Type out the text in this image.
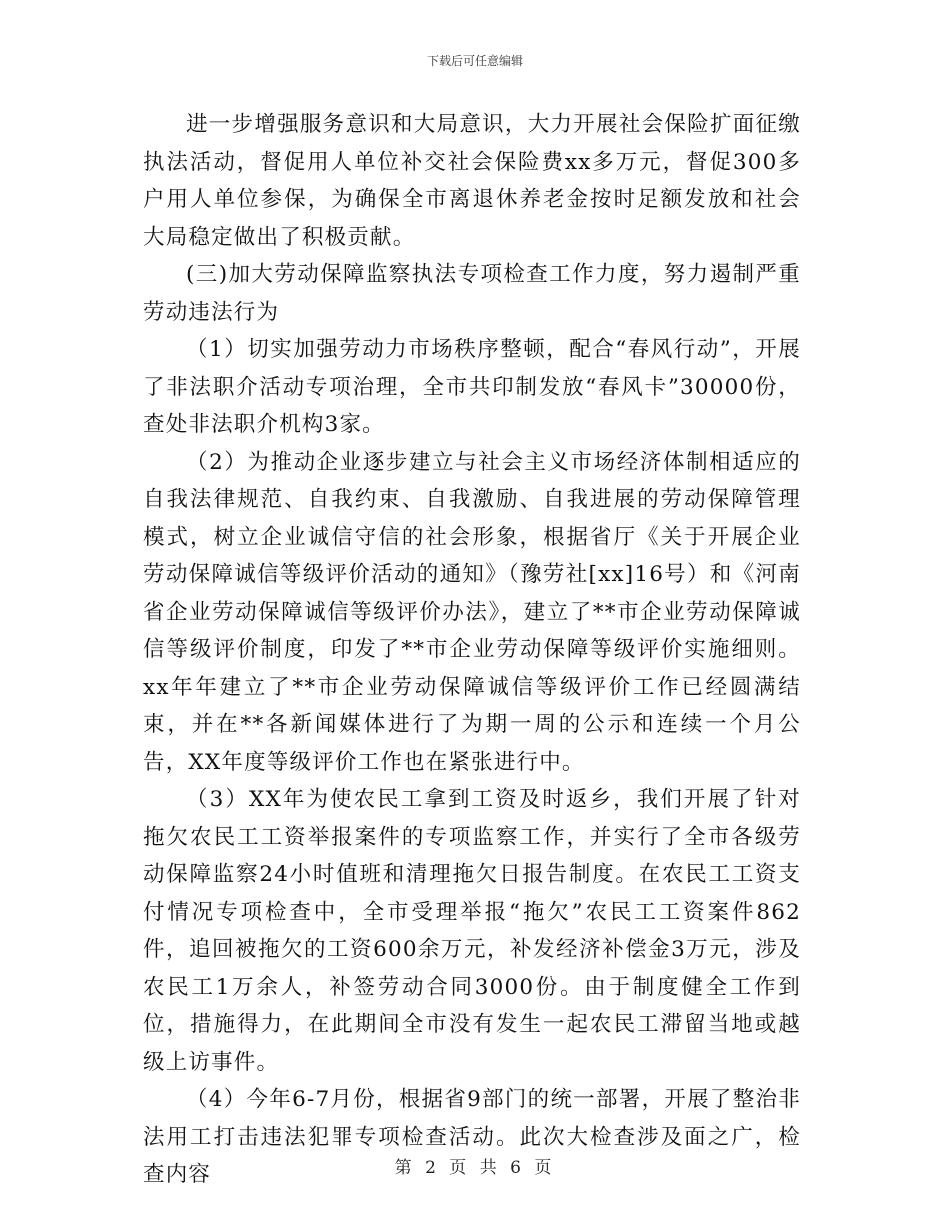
下载后可任意编辑

进一步增强服务意识和大局意识，大力开展社会保险扩面征缴执法活动，督促用人单位补交社会保险费xx多万元，督促300多户用人单位参保，为确保全市离退休养老金按时足额发放和社会大局稳定做出了积极贡献。

(三)加大劳动保障监察执法专项检查工作力度，努力遏制严重劳动违法行为

（1）切实加强劳动力市场秩序整顿，配合“春风行动”，开展了非法职介活动专项治理，全市共印制发放“春风卡”30000份，查处非法职介机构3家。

（2）为推动企业逐步建立与社会主义市场经济体制相适应的自我法律规范、自我约束、自我激励、自我进展的劳动保障管理模式，树立企业诚信守信的社会形象，根据省厅《关于开展企业劳动保障诚信等级评价活动的通知》（豫劳社[xx]16号）和《河南省企业劳动保障诚信等级评价办法》，建立了**市企业劳动保障诚信等级评价制度，印发了**市企业劳动保障等级评价实施细则。xx年年建立了**市企业劳动保障诚信等级评价工作已经圆满结束，并在**各新闻媒体进行了为期一周的公示和连续一个月公告，XX年度等级评价工作也在紧张进行中。

（3）XX年为使农民工拿到工资及时返乡，我们开展了针对拖欠农民工工资举报案件的专项监察工作，并实行了全市各级劳动保障监察24小时值班和清理拖欠日报告制度。在农民工工资支付情况专项检查中，全市受理举报“拖欠”农民工工资案件862件，追回被拖欠的工资600余万元，补发经济补偿金3万元，涉及农民工1万余人，补签劳动合同3000份。由于制度健全工作到位，措施得力，在此期间全市没有发生一起农民工滞留当地或越级上访事件。

（4）今年6-7月份，根据省9部门的统一部署，开展了整治非法用工打击违法犯罪专项检查活动。此次大检查涉及面之广，检查内容	第 2 页 共 6 页
